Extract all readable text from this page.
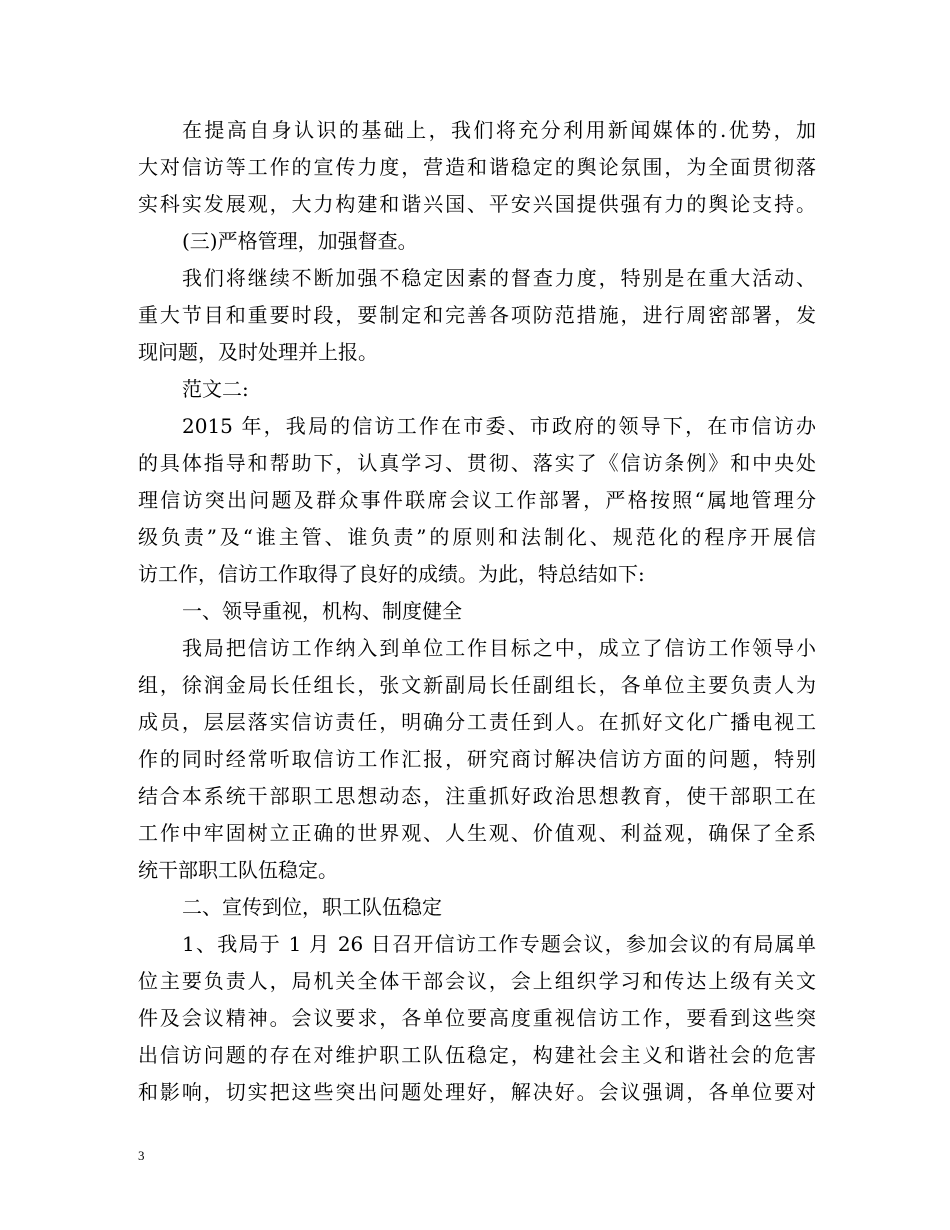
在提高自身认识的基础上，我们将充分利用新闻媒体的.优势，加
大对信访等工作的宣传力度，营造和谐稳定的舆论氛围，为全面贯彻落
实科实发展观，大力构建和谐兴国、平安兴国提供强有力的舆论支持。
(三)严格管理，加强督查。
我们将继续不断加强不稳定因素的督查力度，特别是在重大活动、
重大节目和重要时段，要制定和完善各项防范措施，进行周密部署，发
现问题，及时处理并上报。
范文二:
2015 年，我局的信访工作在市委、市政府的领导下，在市信访办
的具体指导和帮助下，认真学习、贯彻、落实了《信访条例》和中央处
理信访突出问题及群众事件联席会议工作部署，严格按照“属地管理分
级负责”及“谁主管、谁负责”的原则和法制化、规范化的程序开展信
访工作，信访工作取得了良好的成绩。为此，特总结如下:
一、领导重视，机构、制度健全
我局把信访工作纳入到单位工作目标之中，成立了信访工作领导小
组，徐润金局长任组长，张文新副局长任副组长，各单位主要负责人为
成员，层层落实信访责任，明确分工责任到人。在抓好文化广播电视工
作的同时经常听取信访工作汇报，研究商讨解决信访方面的问题，特别
结合本系统干部职工思想动态，注重抓好政治思想教育，使干部职工在
工作中牢固树立正确的世界观、人生观、价值观、利益观，确保了全系
统干部职工队伍稳定。
二、宣传到位，职工队伍稳定
1、我局于 1 月 26 日召开信访工作专题会议，参加会议的有局属单
位主要负责人，局机关全体干部会议，会上组织学习和传达上级有关文
件及会议精神。会议要求，各单位要高度重视信访工作，要看到这些突
出信访问题的存在对维护职工队伍稳定，构建社会主义和谐社会的危害
和影响，切实把这些突出问题处理好，解决好。会议强调，各单位要对
3
